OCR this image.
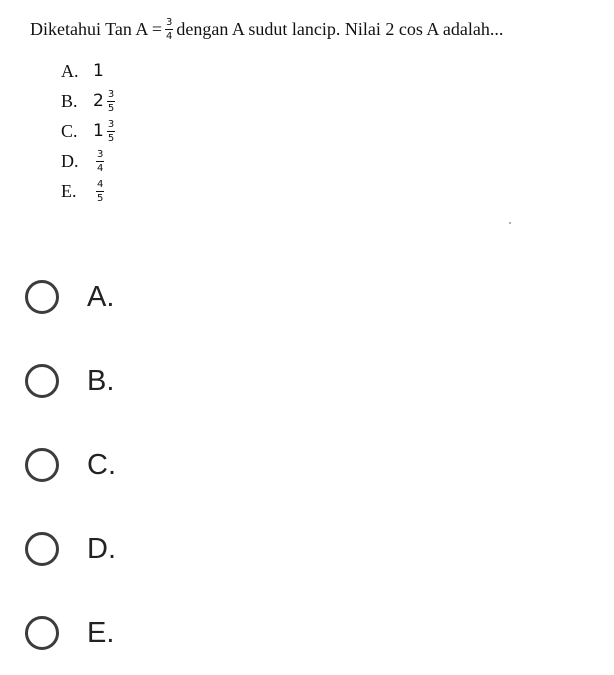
Diketahui Tan $A = \frac{3}{4}$ dengan A sudut lancip. Nilai 2 cos A adalah...
A. 1
B. $2 \frac{3}{5}$
C. $1 \frac{3}{5}$
D.	$\frac{3}{4}$
E.	$\frac{4}{5}$
A.
B.
C.
D.
E.
